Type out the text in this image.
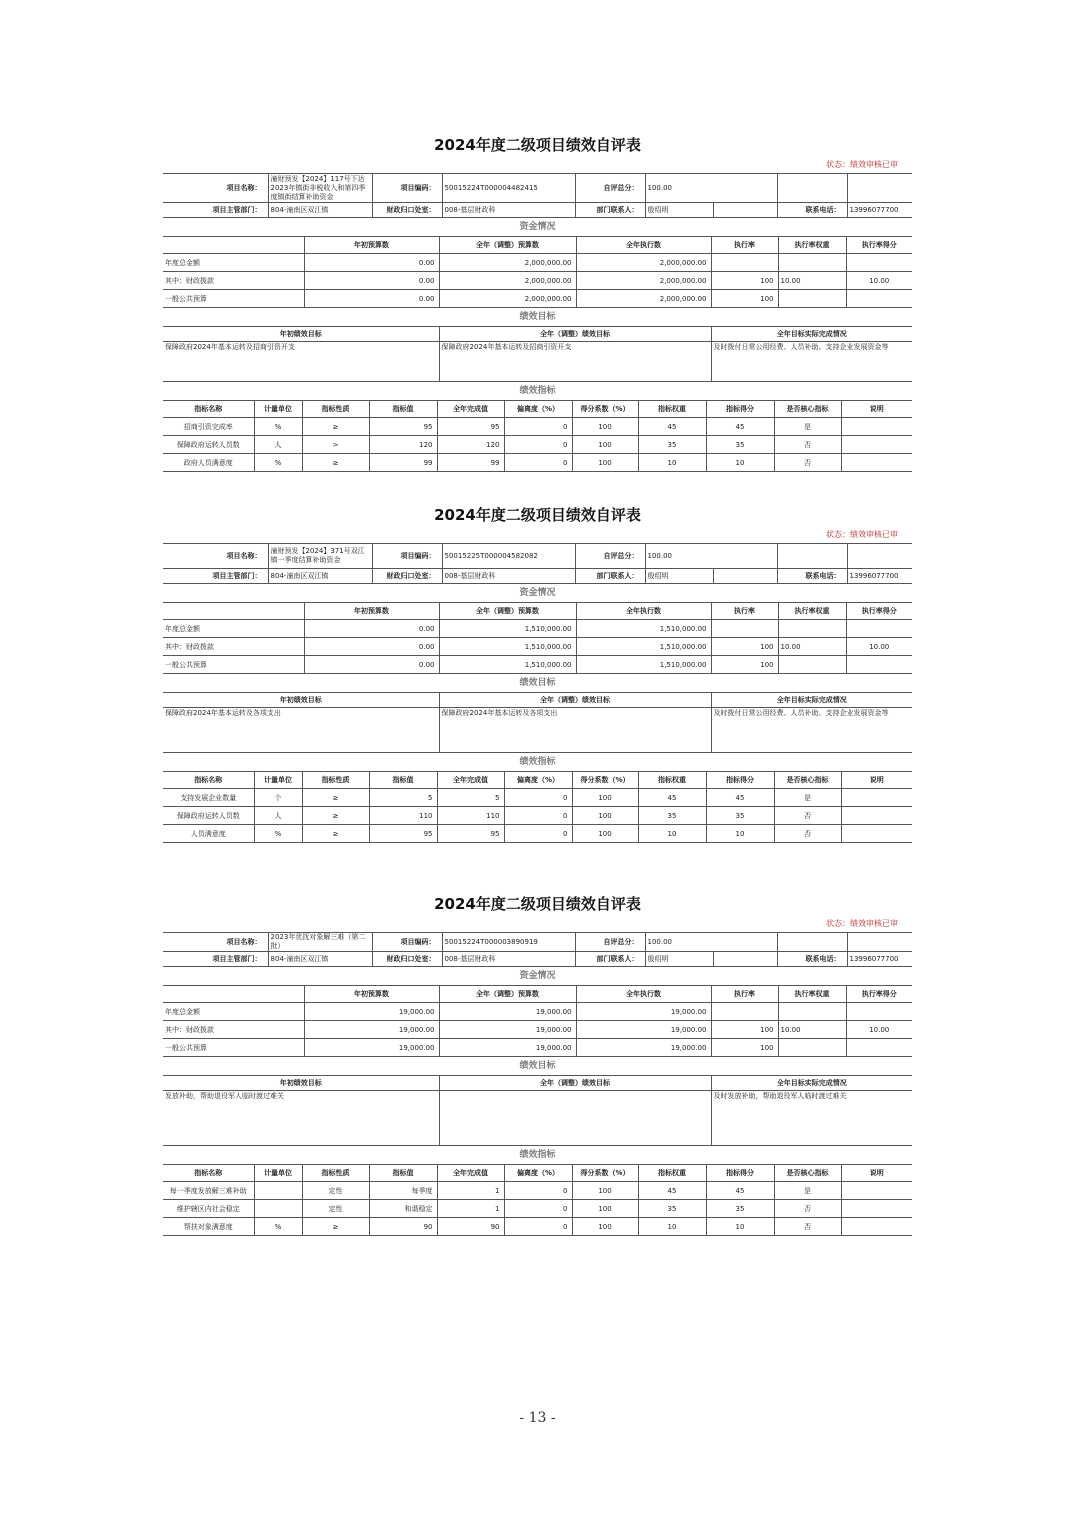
2024年度二级项目绩效自评表
状态：绩效审核已审
项目名称：	潼财预发【2024】117号下达2023年镇街非税收入和第四季度镇街结算补助资金	项目编码：	50015224T000004482415	自评总分：	100.00			
项目主管部门：	804-潼南区双江镇	财政归口处室：	008-基层财政科	部门联系人：	殷绍明		联系电话：	13996077700
资金情况
	年初预算数	全年（调整）预算数	全年执行数	执行率	执行率权重	执行率得分
年度总金额	0.00	2,000,000.00	2,000,000.00			
其中：财政拨款	0.00	2,000,000.00	2,000,000.00	100	10.00	10.00
一般公共预算	0.00	2,000,000.00	2,000,000.00	100		
绩效目标
年初绩效目标	全年（调整）绩效目标	全年目标实际完成情况
保障政府2024年基本运转及招商引资开支	保障政府2024年基本运转及招商引资开支	及时拨付日常公用经费、人员补助、支持企业发展资金等
绩效指标
指标名称	计量单位	指标性质	指标值	全年完成值	偏离度（%）	得分系数（%）	指标权重	指标得分	是否核心指标	说明
招商引资完成率	%	≥	95	95	0	100	45	45	是	
保障政府运转人员数	人	>	120	120	0	100	35	35	否	
政府人员满意度	%	≥	99	99	0	100	10	10	否	
2024年度二级项目绩效自评表
状态：绩效审核已审
项目名称：	潼财预发【2024】371号双江镇一季度结算补助资金	项目编码：	50015225T000004582082	自评总分：	100.00			
项目主管部门：	804-潼南区双江镇	财政归口处室：	008-基层财政科	部门联系人：	殷绍明		联系电话：	13996077700
资金情况
	年初预算数	全年（调整）预算数	全年执行数	执行率	执行率权重	执行率得分
年度总金额	0.00	1,510,000.00	1,510,000.00			
其中：财政拨款	0.00	1,510,000.00	1,510,000.00	100	10.00	10.00
一般公共预算	0.00	1,510,000.00	1,510,000.00	100		
绩效目标
年初绩效目标	全年（调整）绩效目标	全年目标实际完成情况
保障政府2024年基本运转及各项支出	保障政府2024年基本运转及各项支出	及时拨付日常公用经费、人员补助、支持企业发展资金等
绩效指标
指标名称	计量单位	指标性质	指标值	全年完成值	偏离度（%）	得分系数（%）	指标权重	指标得分	是否核心指标	说明
支持发展企业数量	个	≥	5	5	0	100	45	45	是	
保障政府运转人员数	人	≥	110	110	0	100	35	35	否	
人员满意度	%	≥	95	95	0	100	10	10	否	
2024年度二级项目绩效自评表
状态：绩效审核已审
项目名称：	2023年优抚对象解三难（第二批）	项目编码：	50015224T000003890919	自评总分：	100.00			
项目主管部门：	804-潼南区双江镇	财政归口处室：	008-基层财政科	部门联系人：	殷绍明		联系电话：	13996077700
资金情况
	年初预算数	全年（调整）预算数	全年执行数	执行率	执行率权重	执行率得分
年度总金额	19,000.00	19,000.00	19,000.00			
其中：财政拨款	19,000.00	19,000.00	19,000.00	100	10.00	10.00
一般公共预算	19,000.00	19,000.00	19,000.00	100		
绩效目标
年初绩效目标	全年（调整）绩效目标	全年目标实际完成情况
发放补助，帮助退役军人临时渡过难关		及时发放补助，帮助退役军人临时渡过难关
绩效指标
指标名称	计量单位	指标性质	指标值	全年完成值	偏离度（%）	得分系数（%）	指标权重	指标得分	是否核心指标	说明
每一季度发放解三难补助		定性	每季度	1	0	100	45	45	是	
维护辖区内社会稳定		定性	和谐稳定	1	0	100	35	35	否	
帮扶对象满意度	%	≥	90	90	0	100	10	10	否	
- 13 -
